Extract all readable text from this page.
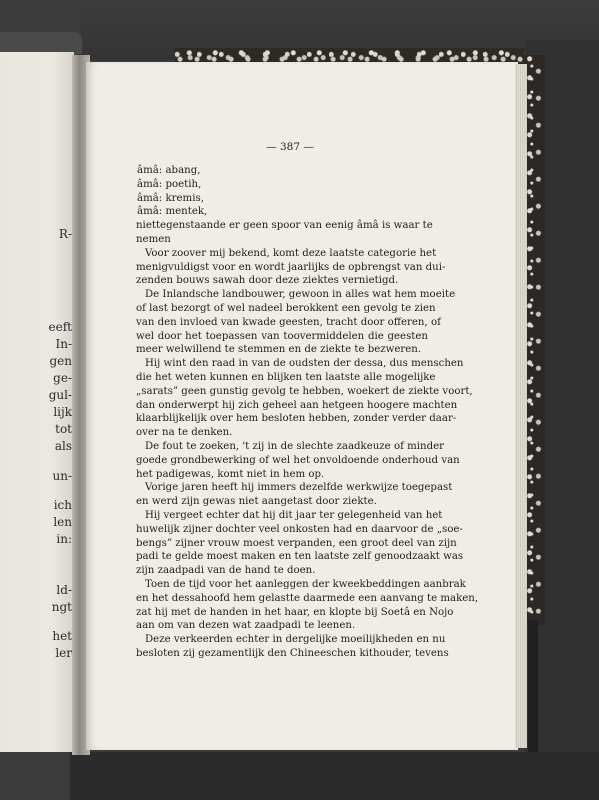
R-
eeft
In-
gen
ge-
gul-
lijk
tot
als
un-
ich
len
in:
ld-
ngt
het
ler
— 387 —
âmâ: abang,
âmâ: poetih,
âmâ: kremis,
âmâ: mentek,
niettegenstaande er geen spoor van eenig âmâ is waar te
nemen
Voor zoover mij bekend, komt deze laatste categorie het
menigvuldigst voor en wordt jaarlijks de opbrengst van dui-
zenden bouws sawah door deze ziektes vernietigd.
De Inlandsche landbouwer, gewoon in alles wat hem moeite
of last bezorgt of wel nadeel berokkent een gevolg te zien
van den invloed van kwade geesten, tracht door offeren, of
wel door het toepassen van toovermiddelen die geesten
meer welwillend te stemmen en de ziekte te bezweren.
Hij wint den raad in van de oudsten der dessa, dus menschen
die het weten kunnen en blijken ten laatste alle mogelijke
„sarats” geen gunstig gevolg te hebben, woekert de ziekte voort,
dan onderwerpt hij zich geheel aan hetgeen hoogere machten
klaarblijkelijk over hem besloten hebben, zonder verder daar-
over na te denken.
De fout te zoeken, 't zij in de slechte zaadkeuze of minder
goede grondbewerking of wel het onvoldoende onderhoud van
het padigewas, komt niet in hem op.
Vorige jaren heeft hij immers dezelfde werkwijze toegepast
en werd zijn gewas niet aangetast door ziekte.
Hij vergeet echter dat hij dit jaar ter gelegenheid van het
huwelijk zijner dochter veel onkosten had en daarvoor de „soe-
bengs” zijner vrouw moest verpanden, een groot deel van zijn
padi te gelde moest maken en ten laatste zelf genoodzaakt was
zijn zaadpadi van de hand te doen.
Toen de tijd voor het aanleggen der kweekbeddingen aanbrak
en het dessahoofd hem gelastte daarmede een aanvang te maken,
zat hij met de handen in het haar, en klopte bij Soetâ en Nojo
aan om van dezen wat zaadpadi te leenen.
Deze verkeerden echter in dergelijke moeilijkheden en nu
besloten zij gezamentlijk den Chineeschen kithouder, tevens
